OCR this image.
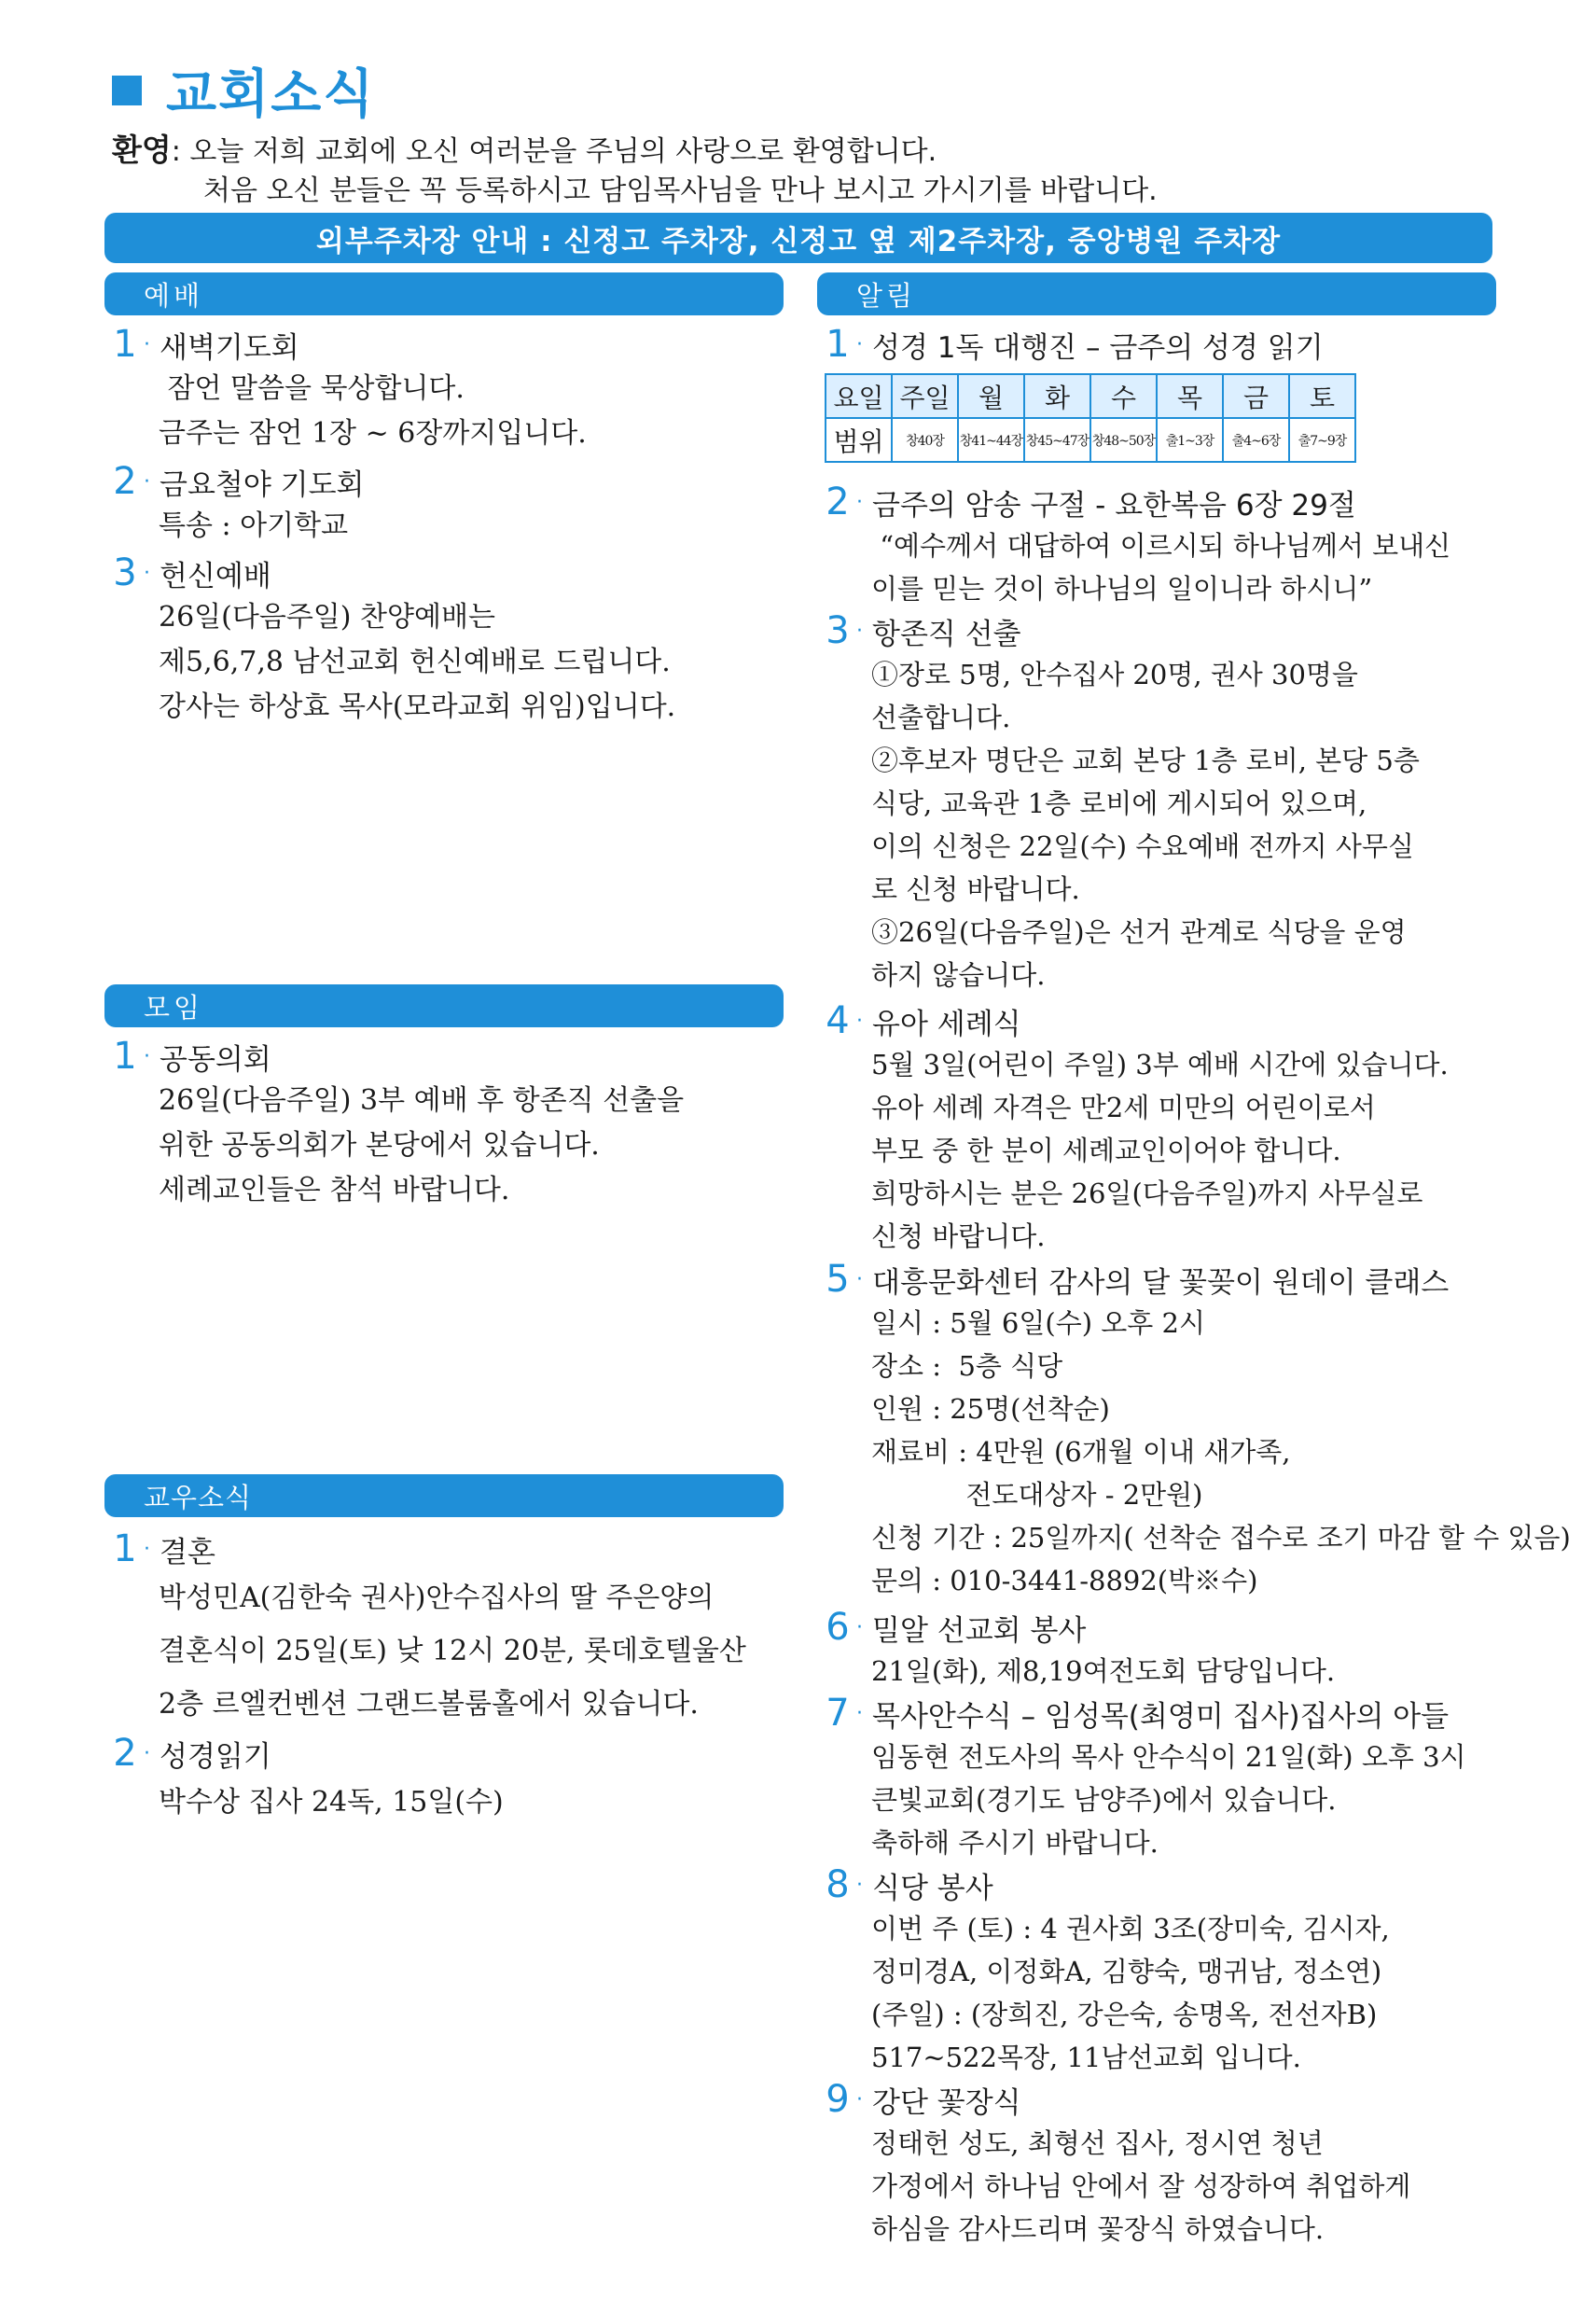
교회소식
환영: 오늘 저희 교회에 오신 여러분을 주님의 사랑으로 환영합니다.
처음 오신 분들은 꼭 등록하시고 담임목사님을 만나 보시고 가시기를 바랍니다.
외부주차장 안내 : 신정고 주차장, 신정고 옆 제2주차장, 중앙병원 주차장
예배
1 · 새벽기도회
잠언 말씀을 묵상합니다.
금주는 잠언 1장 ~ 6장까지입니다.
2 · 금요철야 기도회
특송 : 아기학교
3 · 헌신예배
26일(다음주일) 찬양예배는
제5,6,7,8 남선교회 헌신예배로 드립니다.
강사는 하상효 목사(모라교회 위임)입니다.
모임
1 · 공동의회
26일(다음주일) 3부 예배 후 항존직 선출을
위한 공동의회가 본당에서 있습니다.
세례교인들은 참석 바랍니다.
교우소식
1 · 결혼
박성민A(김한숙 권사)안수집사의 딸 주은양의
결혼식이 25일(토) 낮 12시 20분, 롯데호텔울산
2층 르엘컨벤션 그랜드볼룸홀에서 있습니다.
2 · 성경읽기
박수상 집사 24독, 15일(수)
알림
1 · 성경 1독 대행진 – 금주의 성경 읽기
요일	주일	월	화	수	목	금	토
범위	창40장	창41~44장	창45~47장	창48~50장	출1~3장	출4~6장	출7~9장
2 · 금주의 암송 구절 - 요한복음 6장 29절
“예수께서 대답하여 이르시되 하나님께서 보내신
이를 믿는 것이 하나님의 일이니라 하시니”
3 · 항존직 선출
①장로 5명, 안수집사 20명, 권사 30명을
선출합니다.
②후보자 명단은 교회 본당 1층 로비, 본당 5층
식당, 교육관 1층 로비에 게시되어 있으며,
이의 신청은 22일(수) 수요예배 전까지 사무실
로 신청 바랍니다.
③26일(다음주일)은 선거 관계로 식당을 운영
하지 않습니다.
4 · 유아 세례식
5월 3일(어린이 주일) 3부 예배 시간에 있습니다.
유아 세례 자격은 만2세 미만의 어린이로서
부모 중 한 분이 세례교인이어야 합니다.
희망하시는 분은 26일(다음주일)까지 사무실로
신청 바랍니다.
5 · 대흥문화센터 감사의 달 꽃꽂이 원데이 클래스
일시 : 5월 6일(수) 오후 2시
장소 :  5층 식당
인원 : 25명(선착순)
재료비 : 4만원 (6개월 이내 새가족,
전도대상자 - 2만원)
신청 기간 : 25일까지( 선착순 접수로 조기 마감 할 수 있음)
문의 : 010-3441-8892(박※수)
6 · 밀알 선교회 봉사
21일(화), 제8,19여전도회 담당입니다.
7 · 목사안수식 – 임성목(최영미 집사)집사의 아들
임동현 전도사의 목사 안수식이 21일(화) 오후 3시
큰빛교회(경기도 남양주)에서 있습니다.
축하해 주시기 바랍니다.
8 · 식당 봉사
이번 주 (토) : 4 권사회 3조(장미숙, 김시자,
정미경A, 이정화A, 김향숙, 맹귀남, 정소연)
(주일) : (장희진, 강은숙, 송명옥, 전선자B)
517~522목장, 11남선교회 입니다.
9 · 강단 꽃장식
정태헌 성도, 최형선 집사, 정시연 청년
가정에서 하나님 안에서 잘 성장하여 취업하게
하심을 감사드리며 꽃장식 하였습니다.
